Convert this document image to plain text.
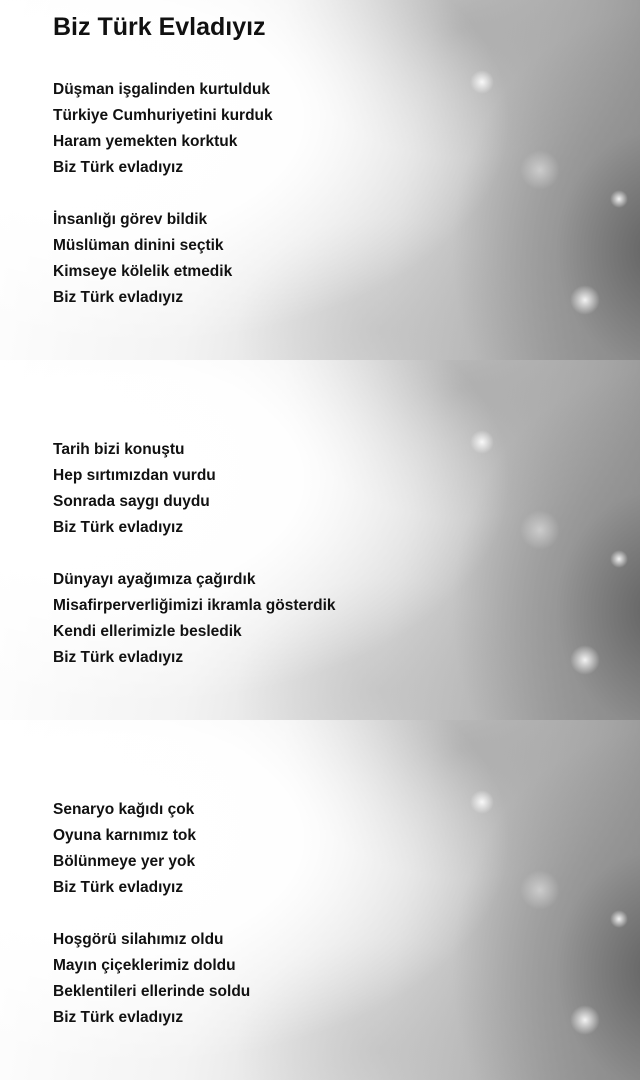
Biz Türk Evladıyız
Düşman işgalinden kurtulduk
Türkiye Cumhuriyetini kurduk
Haram yemekten korktuk
Biz Türk evladıyız
İnsanlığı görev bildik
Müslüman dinini seçtik
Kimseye kölelik etmedik
Biz Türk evladıyız
Tarih bizi konuştu
Hep sırtımızdan vurdu
Sonrada saygı duydu
Biz Türk evladıyız
Dünyayı ayağımıza çağırdık
Misafirperverliğimizi ikramla gösterdik
Kendi ellerimizle besledik
Biz Türk evladıyız
Senaryo kağıdı çok
Oyuna karnımız tok
Bölünmeye yer yok
Biz Türk evladıyız
Hoşgörü silahımız oldu
Mayın çiçeklerimiz doldu
Beklentileri ellerinde soldu
Biz Türk evladıyız
